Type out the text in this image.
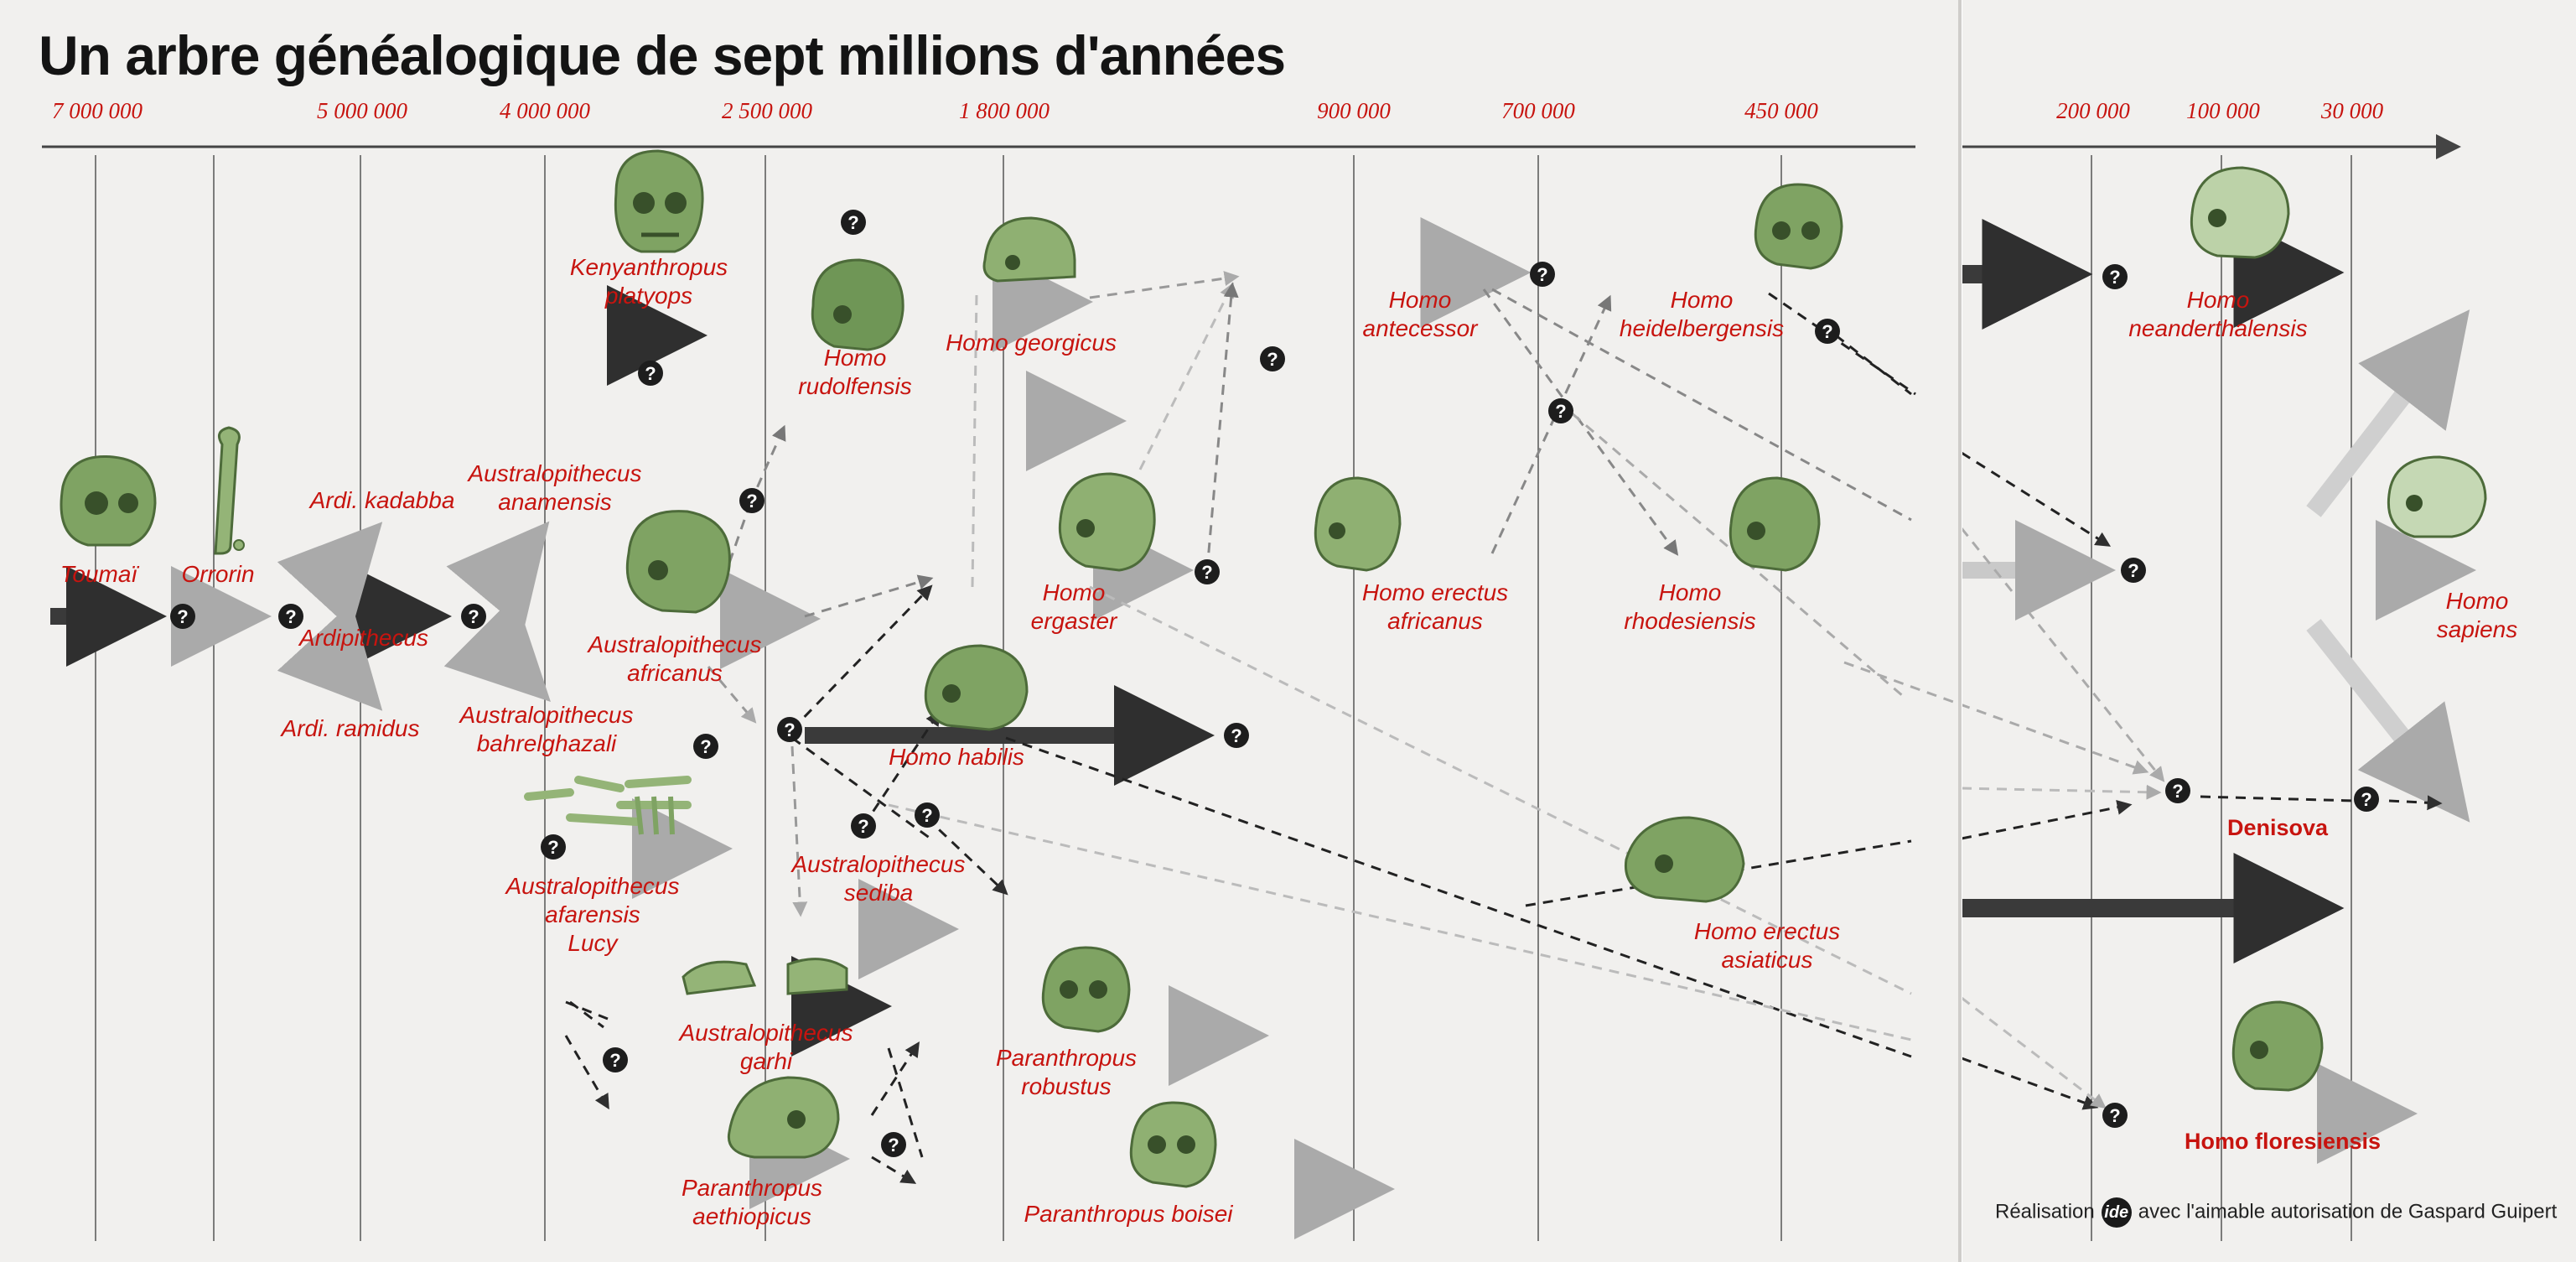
?	?	?
?
?
?
?
?
?
?
?
?
?
?
?
?
?
?
?
?
?
?	?
?
Un arbre généalogique de sept millions d'années
7 000 000	5 000 000	4 000 000	2 500 000	1 800 000	900 000	700 000	450 000	200 000 100 000	30 000
Toumaï Orrorin
Ardipithecus
Ardi. kadabba
Ardi. ramidus
Kenyanthropus
platyops
Australopithecus
anamensis
Australopithecus
africanus
Australopithecus
bahrelghazali
Australopithecus
afarensis
Lucy
Australopithecus
garhi
Paranthropus
aethiopicus
Homo
rudolfensis
Homo georgicus
Homo
ergaster
Homo habilis
Australopithecus
sediba
Paranthropus
robustus
Paranthropus boisei
Homo
antecessor
Homo erectus
africanus
Homo
heidelbergensis
Homo
rhodesiensis
Homo erectus
asiaticus
Homo
neanderthalensis
Homo
sapiens
Denisova
Homo floresiensis
Réalisation ide avec l'aimable autorisation de Gaspard Guipert
